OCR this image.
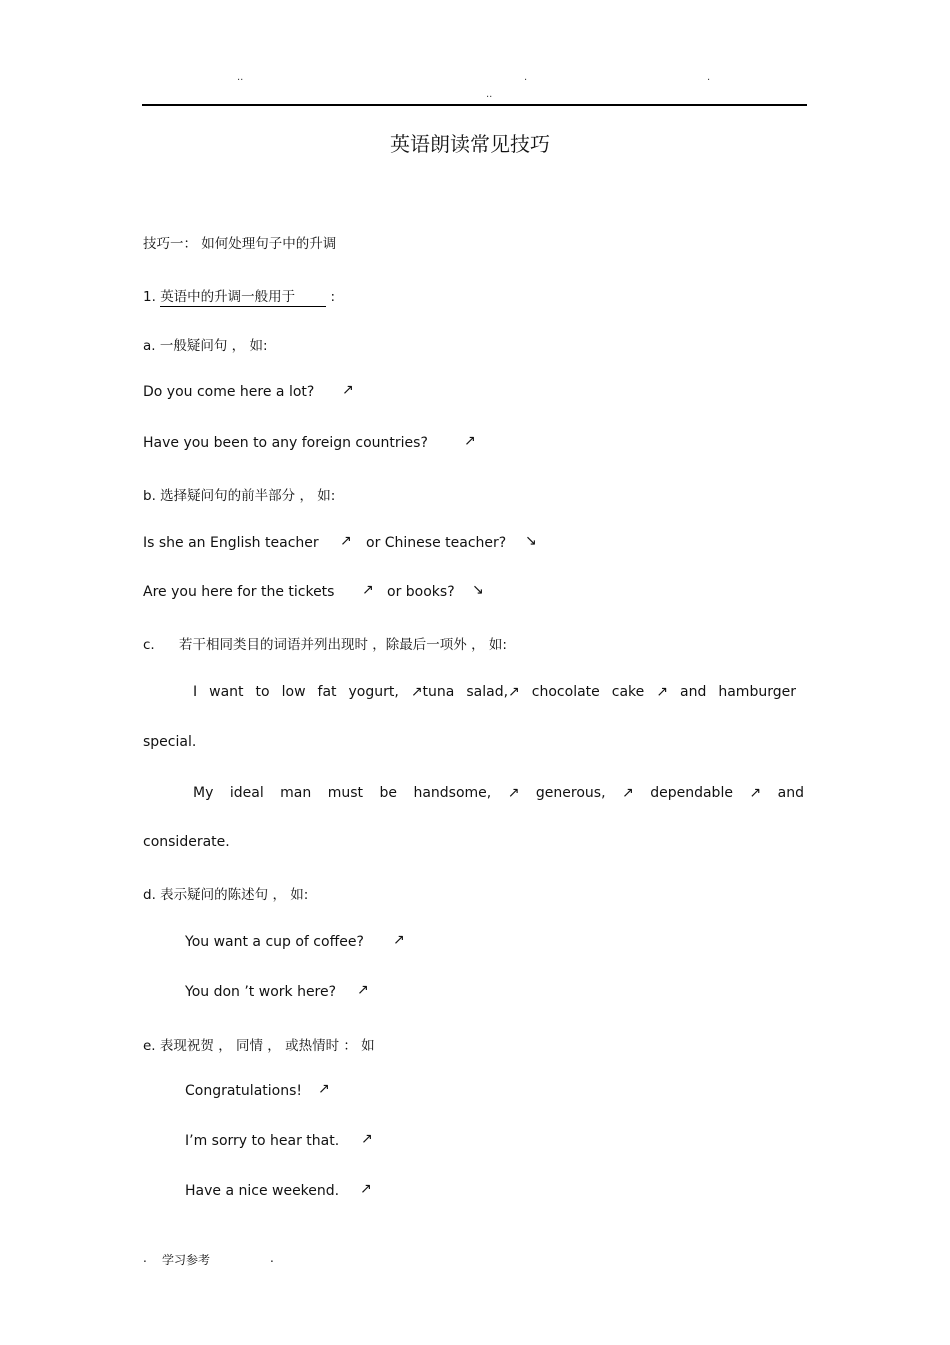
..	.	.
..
英语朗读常见技巧
技巧一： 如何处理句子中的升调
1. 英语中的升调一般用于	:
a. 一般疑问句 ， 如:
Do you come here a lot? ↗
Have you been to any foreign countries?	↗
b. 选择疑问句的前半部分 ， 如:
Is she an English teacher ↗ or Chinese teacher? ↘
Are you here for the tickets ↗ or books? ↘
c. 若干相同类目的词语并列出现时 ，除最后一项外 ， 如:
I want to low fat yogurt, ↗tuna salad,↗ chocolate cake ↗ and hamburger
special.
My ideal man must be handsome, ↗ generous, ↗ dependable ↗ and
considerate.
d. 表示疑问的陈述句 ， 如:
You want a cup of coffee? ↗
You don ’t work here? ↗
e. 表现祝贺 ， 同情 ， 或热情时 ： 如
Congratulations! ↗
I’m sorry to hear that. ↗
Have a nice weekend. ↗
. 学习参考	.
